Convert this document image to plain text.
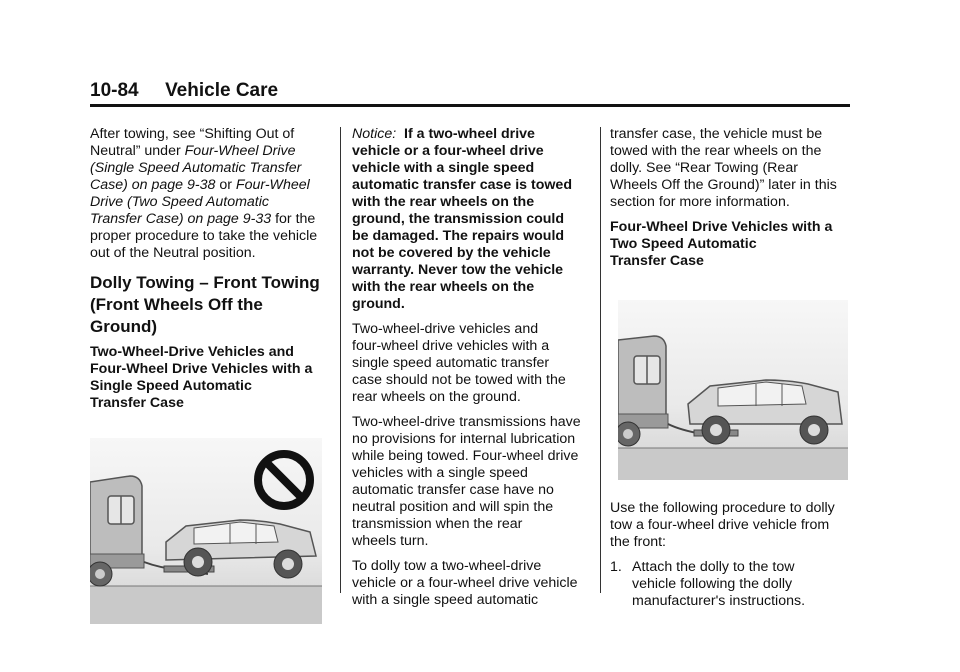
10-84 Vehicle Care

After towing, see “Shifting Out of
Neutral” under Four-Wheel Drive
(Single Speed Automatic Transfer
Case) on page 9-38 or Four-Wheel
Drive (Two Speed Automatic
Transfer Case) on page 9-33 for the
proper procedure to take the vehicle
out of the Neutral position.

Dolly Towing – Front Towing
(Front Wheels Off the Ground)
Two-Wheel-Drive Vehicles and
Four-Wheel Drive Vehicles with a
Single Speed Automatic
Transfer Case

Notice: If a two-wheel drive
vehicle or a four-wheel drive
vehicle with a single speed
automatic transfer case is towed
with the rear wheels on the
ground, the transmission could
be damaged. The repairs would
not be covered by the vehicle
warranty. Never tow the vehicle
with the rear wheels on the
ground.

Two-wheel-drive vehicles and
four-wheel drive vehicles with a
single speed automatic transfer
case should not be towed with the
rear wheels on the ground.

Two-wheel-drive transmissions have
no provisions for internal lubrication
while being towed. Four-wheel drive
vehicles with a single speed
automatic transfer case have no
neutral position and will spin the
transmission when the rear
wheels turn.

To dolly tow a two-wheel-drive
vehicle or a four-wheel drive vehicle
with a single speed automatic

transfer case, the vehicle must be
towed with the rear wheels on the
dolly. See “Rear Towing (Rear
Wheels Off the Ground)” later in this
section for more information.

Four-Wheel Drive Vehicles with a
Two Speed Automatic
Transfer Case

Use the following procedure to dolly
tow a four-wheel drive vehicle from
the front:

1. Attach the dolly to the tow
vehicle following the dolly
manufacturer's instructions.
